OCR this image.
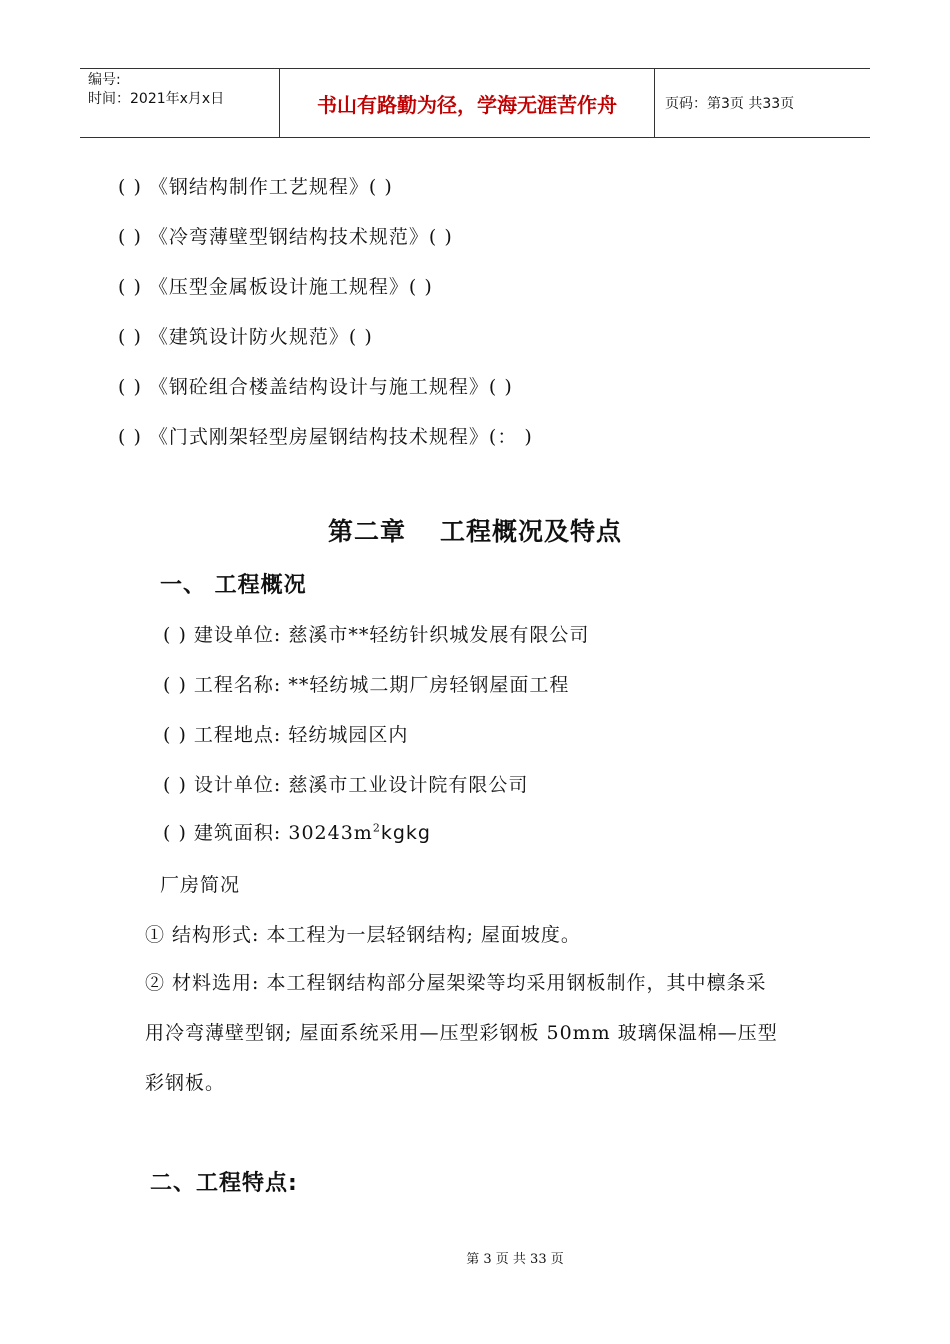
编号:
时间：2021年x月x日	书山有路勤为径，学海无涯苦作舟	页码：第3页 共33页
( ) 《钢结构制作工艺规程》( )
( ) 《冷弯薄壁型钢结构技术规范》( )
( ) 《压型金属板设计施工规程》( )
( ) 《建筑设计防火规范》( )
( ) 《钢砼组合楼盖结构设计与施工规程》( )
( ) 《门式刚架轻型房屋钢结构技术规程》(： )
第二章 工程概况及特点
一、 工程概况
( ) 建设单位: 慈溪市**轻纺针织城发展有限公司
( ) 工程名称: **轻纺城二期厂房轻钢屋面工程
( ) 工程地点: 轻纺城园区内
( ) 设计单位: 慈溪市工业设计院有限公司
( ) 建筑面积: $30243m^2kgkg$
厂房简况
① 结构形式: 本工程为一层轻钢结构; 屋面坡度。
② 材料选用: 本工程钢结构部分屋架梁等均采用钢板制作，其中檩条采
用冷弯薄壁型钢; 屋面系统采用—压型彩钢板 50mm 玻璃保温棉—压型
彩钢板。
二、工程特点:
第 3 页 共 33 页
